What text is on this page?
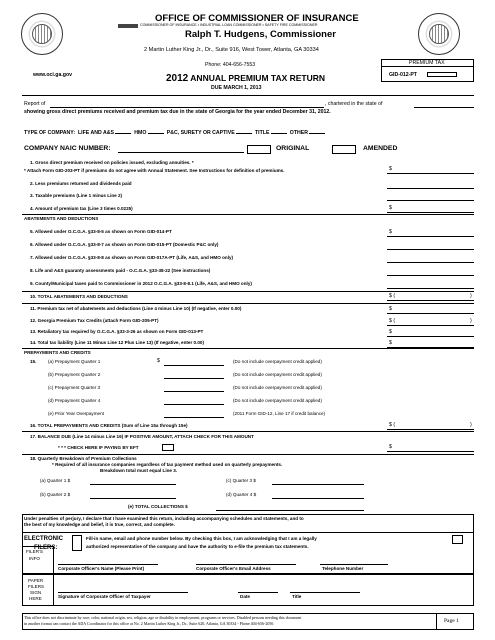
OFFICE OF COMMISSIONER OF INSURANCE
COMMISSIONER OF INSURANCE • INDUSTRIAL LOAN COMMISSIONER • SAFETY FIRE COMMISSIONER
Ralph T. Hudgens, Commissioner
2 Martin Luther King Jr., Dr., Suite 916, West Tower, Atlanta, GA 30334
www.oci.ga.gov
Phone: 404-656-7553
2012 ANNUAL PREMIUM TAX RETURN
DUE MARCH 1, 2013
PREMIUM TAX
GID-012-PT
Report of	, chartered in the state of
showing gross direct premiums received and premium tax due in the state of Georgia for the year ended December 31, 2012.
TYPE OF COMPANY: LIFE AND A&S	HMO	P&C, SURETY OR CAPTIVE	TITLE	OTHER
COMPANY NAIC NUMBER:	ORIGINAL	AMENDED
1. Gross direct premium received on policies issued, excluding annuities. *
* Attach Form GID-203-PT if premiums do not agree with Annual Statement. See Instructions for definition of premiums.	$
2. Less premiums returned and dividends paid
3. Taxable premiums (Line 1 minus Line 2)
4. Amount of premium tax (Line 3 times 0.0225)	$
ABATEMENTS AND DEDUCTIONS
5. Allowed under O.C.G.A. §33-8-5 as shown on Form GID-014-PT	$
6. Allowed under O.C.G.A. §33-8-7 as shown on Form GID-015-PT (Domestic P&C only)
7. Allowed under O.C.G.A. §33-8-8 as shown on Form GID-017A-PT (Life, A&S, and HMO only)
8. Life and A&S guaranty assessments paid - O.C.G.A. §33-38-22 (See instructions)
9. County/Municipal taxes paid to Commissioner in 2012 O.C.G.A. §33-8-8.1 (Life, A&S, and HMO only)
10. TOTAL ABATEMENTS AND DEDUCTIONS	$ (	)
11. Premium tax net of abatements and deductions (Line 4 minus Line 10) (If negative, enter 0.00)	$
12. Georgia Premium Tax Credits (attach Form GID-205-PT)	$ (	)
13. Retaliatory tax required by O.C.G.A. §33-3-26 as shown on Form GID-013-PT	$
14. Total tax liability (Line 11 Minus Line 12 Plus Line 13) (If negative, enter 0.00)	$
PREPAYMENTS AND CREDITS
15.	(a) Prepayment Quarter 1	$	(Do not include overpayment credit applied)
(b) Prepayment Quarter 2	(Do not include overpayment credit applied)
(c) Prepayment Quarter 3	(Do not include overpayment credit applied)
(d) Prepayment Quarter 4	(Do not include overpayment credit applied)
(e) Prior Year Overpayment	(2011 Form GID-12, Line 17 if credit balance)
16. TOTAL PREPAYMENTS AND CREDITS (Sum of Line 15a through 15e)	$ (	)
17. BALANCE DUE (Line 14 minus Line 16) IF POSITIVE AMOUNT, ATTACH CHECK FOR THIS AMOUNT
* * * CHECK HERE IF PAYING BY EFT	$
18. Quarterly Breakdown of Premium Collections
* Required of all insurance companies regardless of tax payment method used on quarterly prepayments.
Breakdown total must equal Line 3.
(a) Quarter 1 $	(c) Quarter 3 $
(b) Quarter 2 $	(d) Quarter 4 $
(e) TOTAL COLLECTIONS $
Under penalties of perjury, I declare that I have examined this return, including accompanying schedules and statements, and to
the best of my knowledge and belief, it is true, correct, and complete.
ELECTRONIC
FILERS:
Fill-in name, email and phone number below. By checking this box, I am acknowledging that I am a legally
authorized representative of the company and have the authority to e-file the premium tax statements.
FILER'S
INFO
Corporate Officer's Name (Please Print)	Corporate Officer's Email Address	Telephone Number
PAPER
FILERS
SIGN
HERE	Signature of Corporate Officer of Taxpayer	Date	Title
This office does not discriminate by race, color, national origin, sex, religion, age or disability in employment, programs or services. Disabled persons needing this document
in another format can contact the ADA Coordinator for this office at No. 2 Martin Luther King Jr., Dr., Suite 620, Atlanta, GA 30334 - Phone 404-656-2056	Page 1
